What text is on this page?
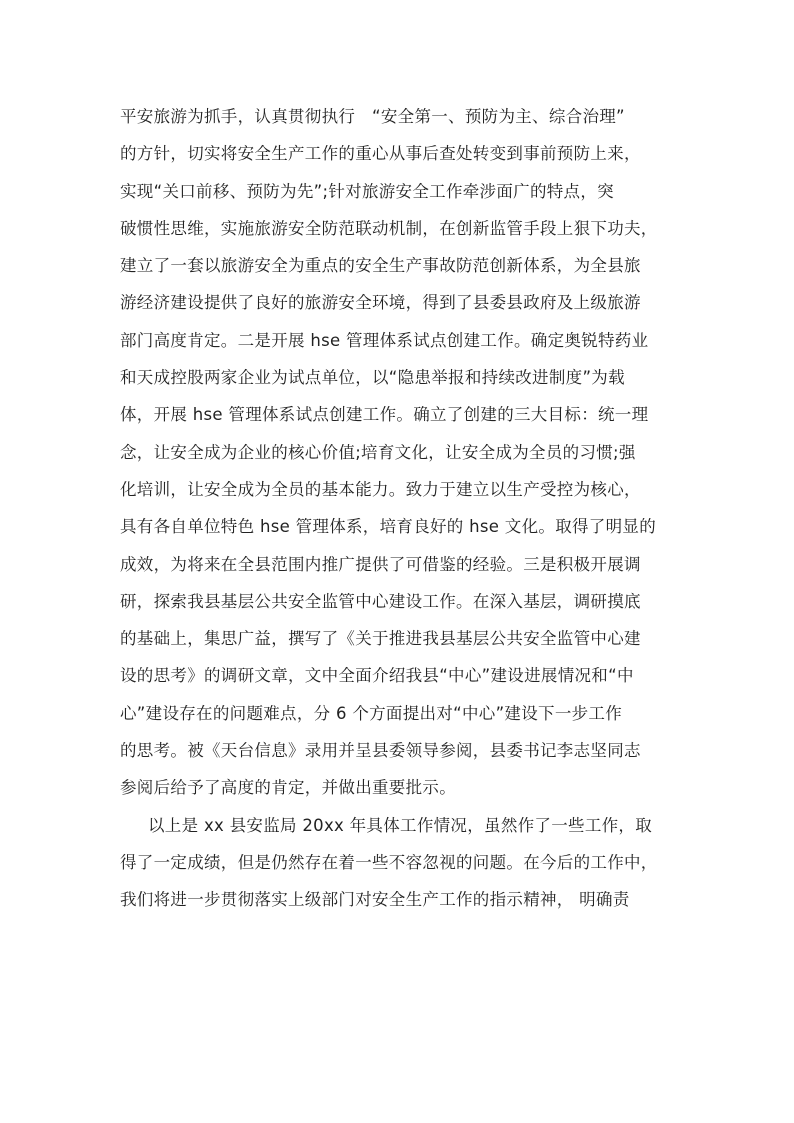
平安旅游为抓手，认真贯彻执行　“安全第一、预防为主、综合治理”
的方针，切实将安全生产工作的重心从事后查处转变到事前预防上来，
实现“关口前移、预防为先”;针对旅游安全工作牵涉面广的特点，突
破惯性思维，实施旅游安全防范联动机制，在创新监管手段上狠下功夫，
建立了一套以旅游安全为重点的安全生产事故防范创新体系，为全县旅
游经济建设提供了良好的旅游安全环境，得到了县委县政府及上级旅游
部门高度肯定。二是开展 hse 管理体系试点创建工作。确定奥锐特药业
和天成控股两家企业为试点单位，以“隐患举报和持续改进制度”为载
体，开展 hse 管理体系试点创建工作。确立了创建的三大目标：统一理
念，让安全成为企业的核心价值;培育文化，让安全成为全员的习惯;强
化培训，让安全成为全员的基本能力。致力于建立以生产受控为核心，
具有各自单位特色 hse 管理体系，培育良好的 hse 文化。取得了明显的
成效，为将来在全县范围内推广提供了可借鉴的经验。三是积极开展调
研，探索我县基层公共安全监管中心建设工作。在深入基层，调研摸底
的基础上，集思广益，撰写了《关于推进我县基层公共安全监管中心建
设的思考》的调研文章，文中全面介绍我县“中心”建设进展情况和“中
心”建设存在的问题难点，分 6 个方面提出对“中心”建设下一步工作
的思考。被《天台信息》录用并呈县委领导参阅，县委书记李志坚同志
参阅后给予了高度的肯定，并做出重要批示。
以上是 xx 县安监局 20xx 年具体工作情况，虽然作了一些工作，取
得了一定成绩，但是仍然存在着一些不容忽视的问题。在今后的工作中，
我们将进一步贯彻落实上级部门对安全生产工作的指示精神， 明确责
